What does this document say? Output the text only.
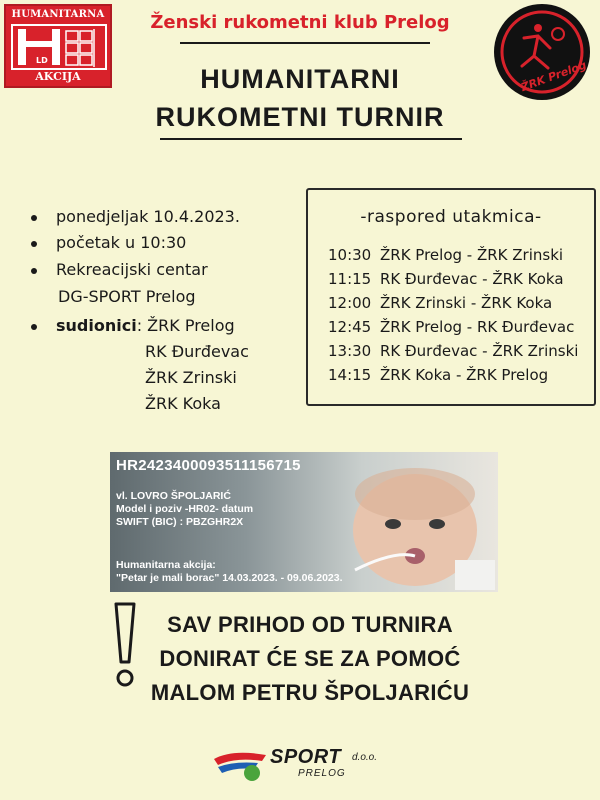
HUMANITARNA
LD
AKCIJA
Ženski rukometni klub Prelog
ŽRK Prelog
HUMANITARNI
RUKOMETNI TURNIR
ponedjeljak 10.4.2023.
početak u 10:30
Rekreacijski centar
DG-SPORT Prelog
sudionici: ŽRK Prelog
RK Đurđevac
ŽRK Zrinski
ŽRK Koka
-raspored utakmica-
10:30 ŽRK Prelog - ŽRK Zrinski
11:15 RK Đurđevac - ŽRK Koka
12:00 ŽRK Zrinski - ŽRK Koka
12:45 ŽRK Prelog - RK Đurđevac
13:30 RK Đurđevac - ŽRK Zrinski
14:15 ŽRK Koka - ŽRK Prelog
HR2423400093511156715
vl. LOVRO ŠPOLJARIĆ
Model i poziv -HR02- datum
SWIFT (BIC) : PBZGHR2X
Humanitarna akcija:
"Petar je mali borac" 14.03.2023. - 09.06.2023.
SAV PRIHOD OD TURNIRA
DONIRAT ĆE SE ZA POMOĆ
MALOM PETRU ŠPOLJARIĆU
SPORT d.o.o.
PRELOG
